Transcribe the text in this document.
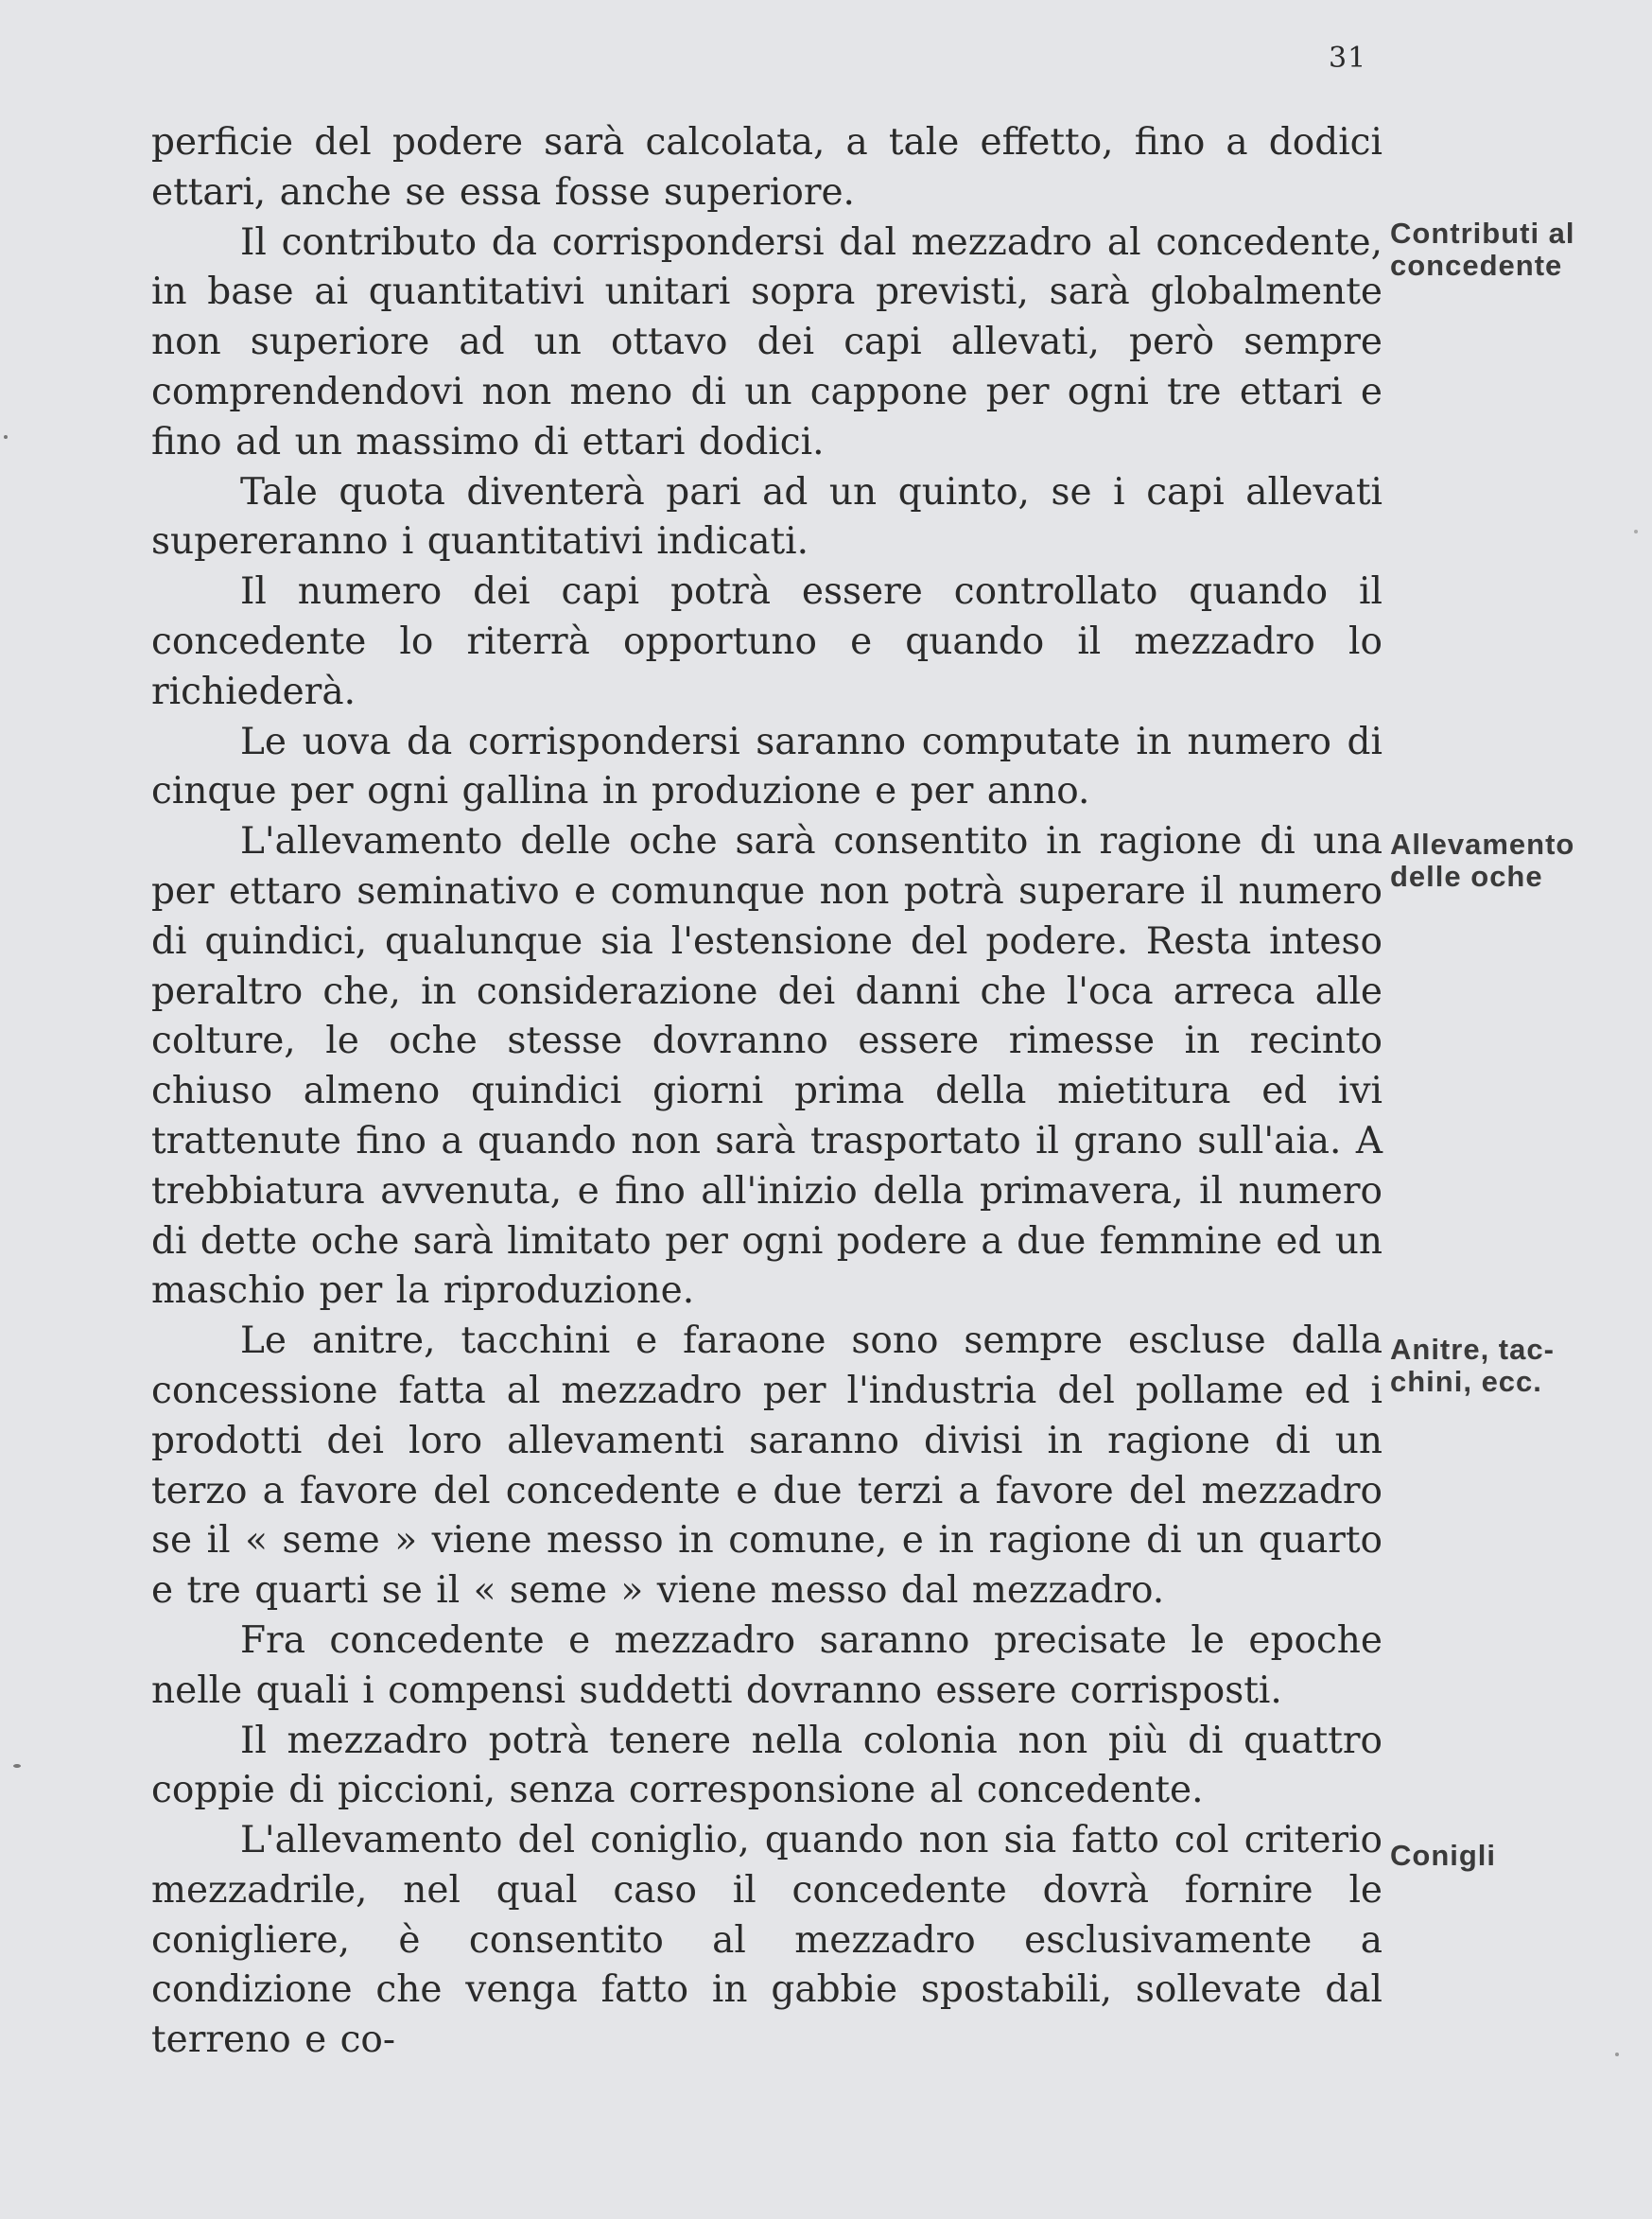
31

perficie del podere sarà calcolata, a tale effetto, fino a dodici ettari, anche se essa fosse superiore.

Il contributo da corrispondersi dal mezzadro al concedente, in base ai quantitativi unitari sopra previsti, sarà globalmente non superiore ad un ottavo dei capi allevati, però sempre comprendendovi non meno di un cappone per ogni tre ettari e fino ad un massimo di ettari dodici.

Tale quota diventerà pari ad un quinto, se i capi allevati supereranno i quantitativi indicati.

Il numero dei capi potrà essere controllato quando il concedente lo riterrà opportuno e quando il mezzadro lo richiederà.

Le uova da corrispondersi saranno computate in numero di cinque per ogni gallina in produzione e per anno.

L'allevamento delle oche sarà consentito in ragione di una per ettaro seminativo e comunque non potrà superare il numero di quindici, qualunque sia l'estensione del podere. Resta inteso peraltro che, in considerazione dei danni che l'oca arreca alle colture, le oche stesse dovranno essere rimesse in recinto chiuso almeno quindici giorni prima della mietitura ed ivi trattenute fino a quando non sarà trasportato il grano sull'aia. A trebbiatura avvenuta, e fino all'inizio della primavera, il numero di dette oche sarà limitato per ogni podere a due femmine ed un maschio per la riproduzione.

Le anitre, tacchini e faraone sono sempre escluse dalla concessione fatta al mezzadro per l'industria del pollame ed i prodotti dei loro allevamenti saranno divisi in ragione di un terzo a favore del concedente e due terzi a favore del mezzadro se il « seme » viene messo in comune, e in ragione di un quarto e tre quarti se il « seme » viene messo dal mezzadro.

Fra concedente e mezzadro saranno precisate le epoche nelle quali i compensi suddetti dovranno essere corrisposti.

Il mezzadro potrà tenere nella colonia non più di quattro coppie di piccioni, senza corresponsione al concedente.

L'allevamento del coniglio, quando non sia fatto col criterio mezzadrile, nel qual caso il concedente dovrà fornire le conigliere, è consentito al mezzadro esclusivamente a condizione che venga fatto in gabbie spostabili, sollevate dal terreno e co-

Contributi al
concedente
Allevamento
delle oche
Anitre, tac-
chini, ecc.
Conigli
